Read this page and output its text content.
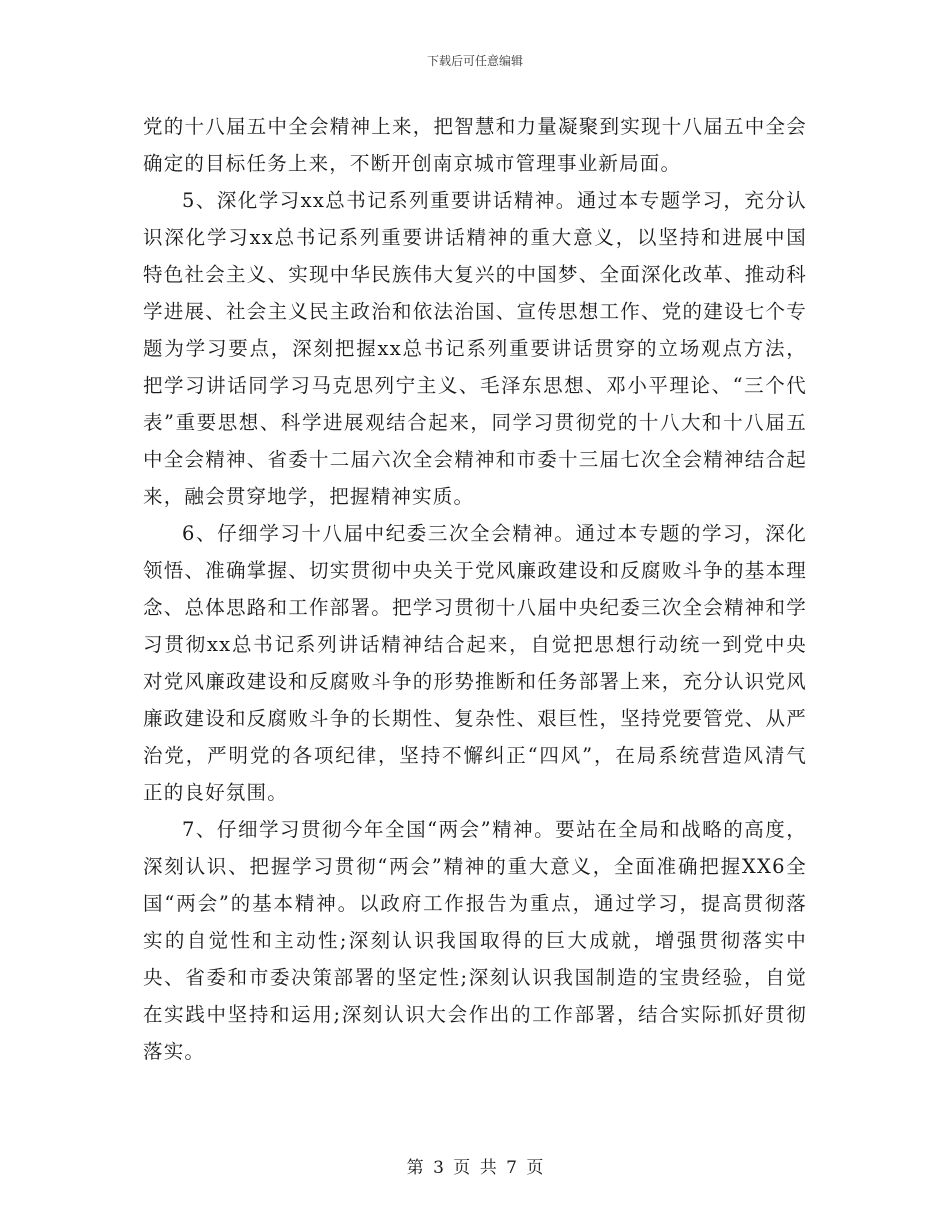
下载后可任意编辑

党的十八届五中全会精神上来，把智慧和力量凝聚到实现十八届五中全会确定的目标任务上来，不断开创南京城市管理事业新局面。

5、深化学习xx总书记系列重要讲话精神。通过本专题学习，充分认识深化学习xx总书记系列重要讲话精神的重大意义，以坚持和进展中国特色社会主义、实现中华民族伟大复兴的中国梦、全面深化改革、推动科学进展、社会主义民主政治和依法治国、宣传思想工作、党的建设七个专题为学习要点，深刻把握xx总书记系列重要讲话贯穿的立场观点方法，把学习讲话同学习马克思列宁主义、毛泽东思想、邓小平理论、“三个代表”重要思想、科学进展观结合起来，同学习贯彻党的十八大和十八届五中全会精神、省委十二届六次全会精神和市委十三届七次全会精神结合起来，融会贯穿地学，把握精神实质。

6、仔细学习十八届中纪委三次全会精神。通过本专题的学习，深化领悟、准确掌握、切实贯彻中央关于党风廉政建设和反腐败斗争的基本理念、总体思路和工作部署。把学习贯彻十八届中央纪委三次全会精神和学习贯彻xx总书记系列讲话精神结合起来，自觉把思想行动统一到党中央对党风廉政建设和反腐败斗争的形势推断和任务部署上来，充分认识党风廉政建设和反腐败斗争的长期性、复杂性、艰巨性，坚持党要管党、从严治党，严明党的各项纪律，坚持不懈纠正“四风”，在局系统营造风清气正的良好氛围。

7、仔细学习贯彻今年全国“两会”精神。要站在全局和战略的高度，深刻认识、把握学习贯彻“两会”精神的重大意义，全面准确把握XX6全国“两会”的基本精神。以政府工作报告为重点，通过学习，提高贯彻落实的自觉性和主动性;深刻认识我国取得的巨大成就，增强贯彻落实中央、省委和市委决策部署的坚定性;深刻认识我国制造的宝贵经验，自觉在实践中坚持和运用;深刻认识大会作出的工作部署，结合实际抓好贯彻落实。

第 3 页 共 7 页
